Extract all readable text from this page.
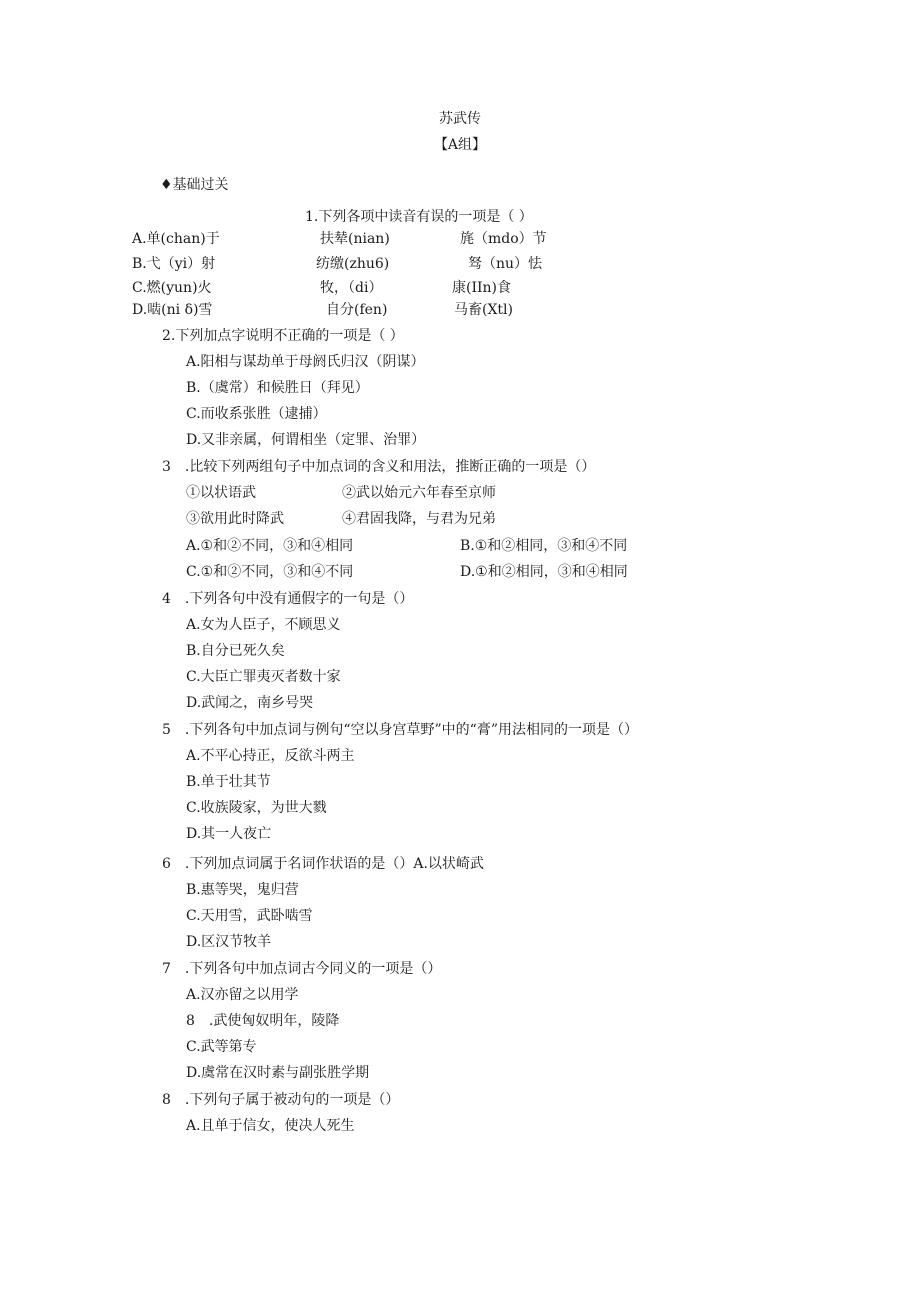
苏武传
【A组】
♦基础过关
1.下列各项中读音有误的一项是（ ）
A.单(chan)于	扶辇(nian)	旄（mdo）节
B.弋（yi）射	纺缴(zhu6)	驽（nu）怯
C.燃(yun)火	牧，（di）	康(IIn)食
D.啮(ni δ)雪	自分(fen)	马畜(Xtl)
2.下列加点字说明不正确的一项是（ ）
A.阳相与谋劫单于母阏氏归汉（阴谋）
B.（虞常）和候胜日（拜见）
C.而收系张胜（逮捕）
D.又非亲属，何谓相坐（定罪、治罪）
3　.比较下列两组句子中加点词的含义和用法，推断正确的一项是（）
①以状语武	②武以始元六年春至京师
③欲用此时降武	④君固我降，与君为兄弟
A.①和②不同，③和④相同	B.①和②相同，③和④不同
C.①和②不同，③和④不同	D.①和②相同，③和④相同
4　.下列各句中没有通假字的一句是（）
A.女为人臣子，不顾思义
B.自分已死久矣
C.大臣亡罪夷灭者数十家
D.武闻之，南乡号哭
5　.下列各句中加点词与例句“空以身宫草野”中的“膏”用法相同的一项是（）
A.不平心持正，反欲斗两主
B.单于壮其节
C.收族陵家，为世大戮
D.其一人夜亡
6　.下列加点词属于名词作状语的是（）A.以状崎武
B.惠等哭，鬼归营
C.天用雪，武卧啮雪
D.区汉节牧羊
7　.下列各句中加点词古今同义的一项是（）
A.汉亦留之以用学
8　.武使匈奴明年，陵降
C.武等第专
D.虞常在汉时素与副张胜学期
8　.下列句子属于被动句的一项是（）
A.且单于信女，使决人死生
